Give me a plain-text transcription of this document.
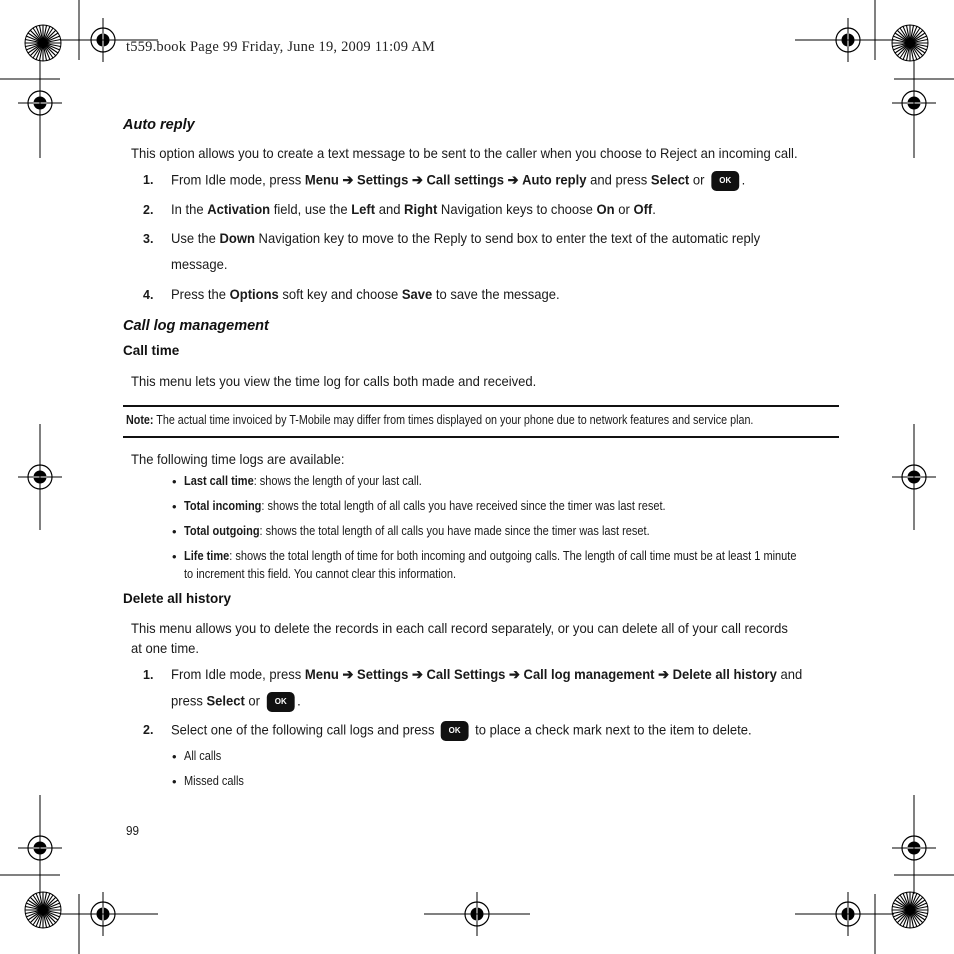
t559.book Page 99 Friday, June 19, 2009 11:09 AM
Auto reply
This option allows you to create a text message to be sent to the caller when you choose to Reject an incoming call.
1. From Idle mode, press Menu ➔ Settings ➔ Call settings ➔ Auto reply and press Select or OK .
2. In the Activation field, use the Left and Right Navigation keys to choose On or Off.
3. Use the Down Navigation key to move to the Reply to send box to enter the text of the automatic reply
message.
4. Press the Options soft key and choose Save to save the message.
Call log management
Call time
This menu lets you view the time log for calls both made and received.
Note: The actual time invoiced by T-Mobile may differ from times displayed on your phone due to network features and service plan.
The following time logs are available:
• Last call time: shows the length of your last call.
• Total incoming: shows the total length of all calls you have received since the timer was last reset.
• Total outgoing: shows the total length of all calls you have made since the timer was last reset.
• Life time: shows the total length of time for both incoming and outgoing calls. The length of call time must be at least 1 minute
to increment this field. You cannot clear this information.
Delete all history
This menu allows you to delete the records in each call record separately, or you can delete all of your call records
at one time.
1. From Idle mode, press Menu ➔ Settings ➔ Call Settings ➔ Call log management ➔ Delete all history and
press Select or OK .
2. Select one of the following call logs and press OK to place a check mark next to the item to delete.
• All calls
• Missed calls
99
